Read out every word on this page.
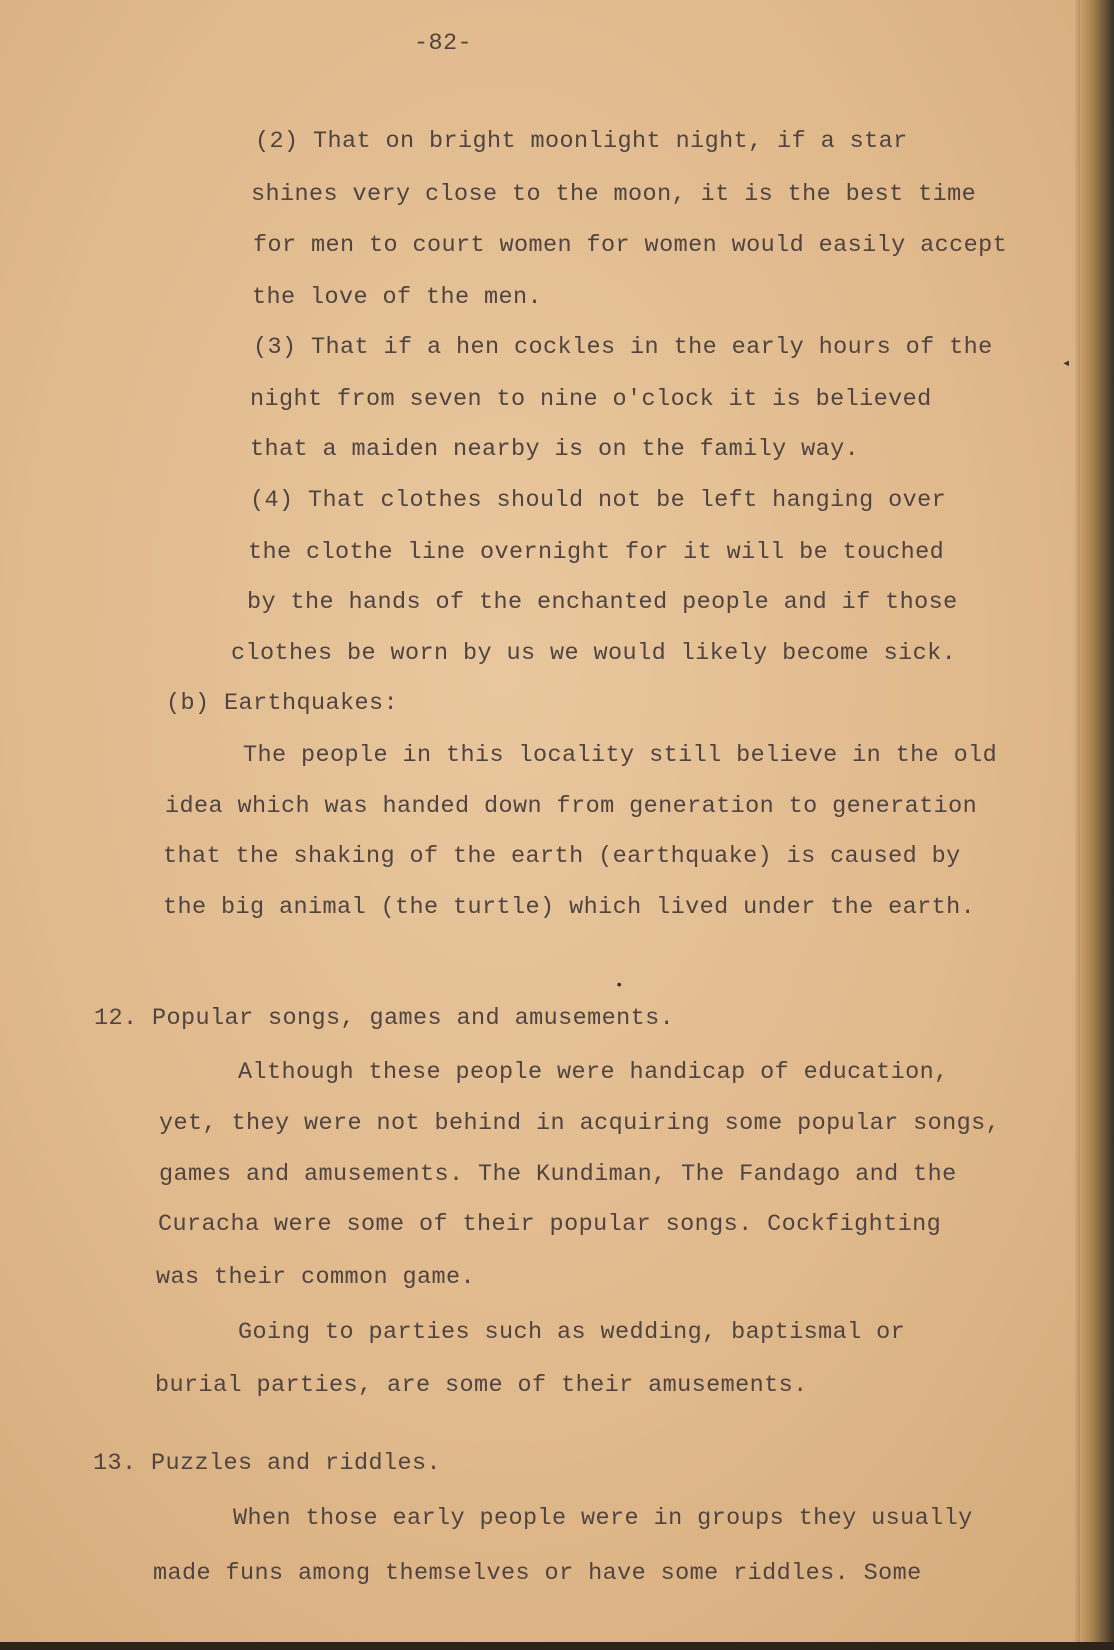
-82-
(2) That on bright moonlight night, if a star
shines very close to the moon, it is the best time
for men to court women for women would easily accept
the love of the men.
(3) That if a hen cockles in the early hours of the
night from seven to nine o'clock it is believed
that a maiden nearby is on the family way.
(4) That clothes should not be left hanging over
the clothe line overnight for it will be touched
by the hands of the enchanted people and if those
clothes be worn by us we would likely become sick.
(b) Earthquakes:
The people in this locality still believe in the old
idea which was handed down from generation to generation
that the shaking of the earth (earthquake) is caused by
the big animal (the turtle) which lived under the earth.
•
12. Popular songs, games and amusements.
Although these people were handicap of education,
yet, they were not behind in acquiring some popular songs,
games and amusements. The Kundiman, The Fandago and the
Curacha were some of their popular songs. Cockfighting
was their common game.
Going to parties such as wedding, baptismal or
burial parties, are some of their amusements.
13. Puzzles and riddles.
When those early people were in groups they usually
made funs among themselves or have some riddles. Some
◂
